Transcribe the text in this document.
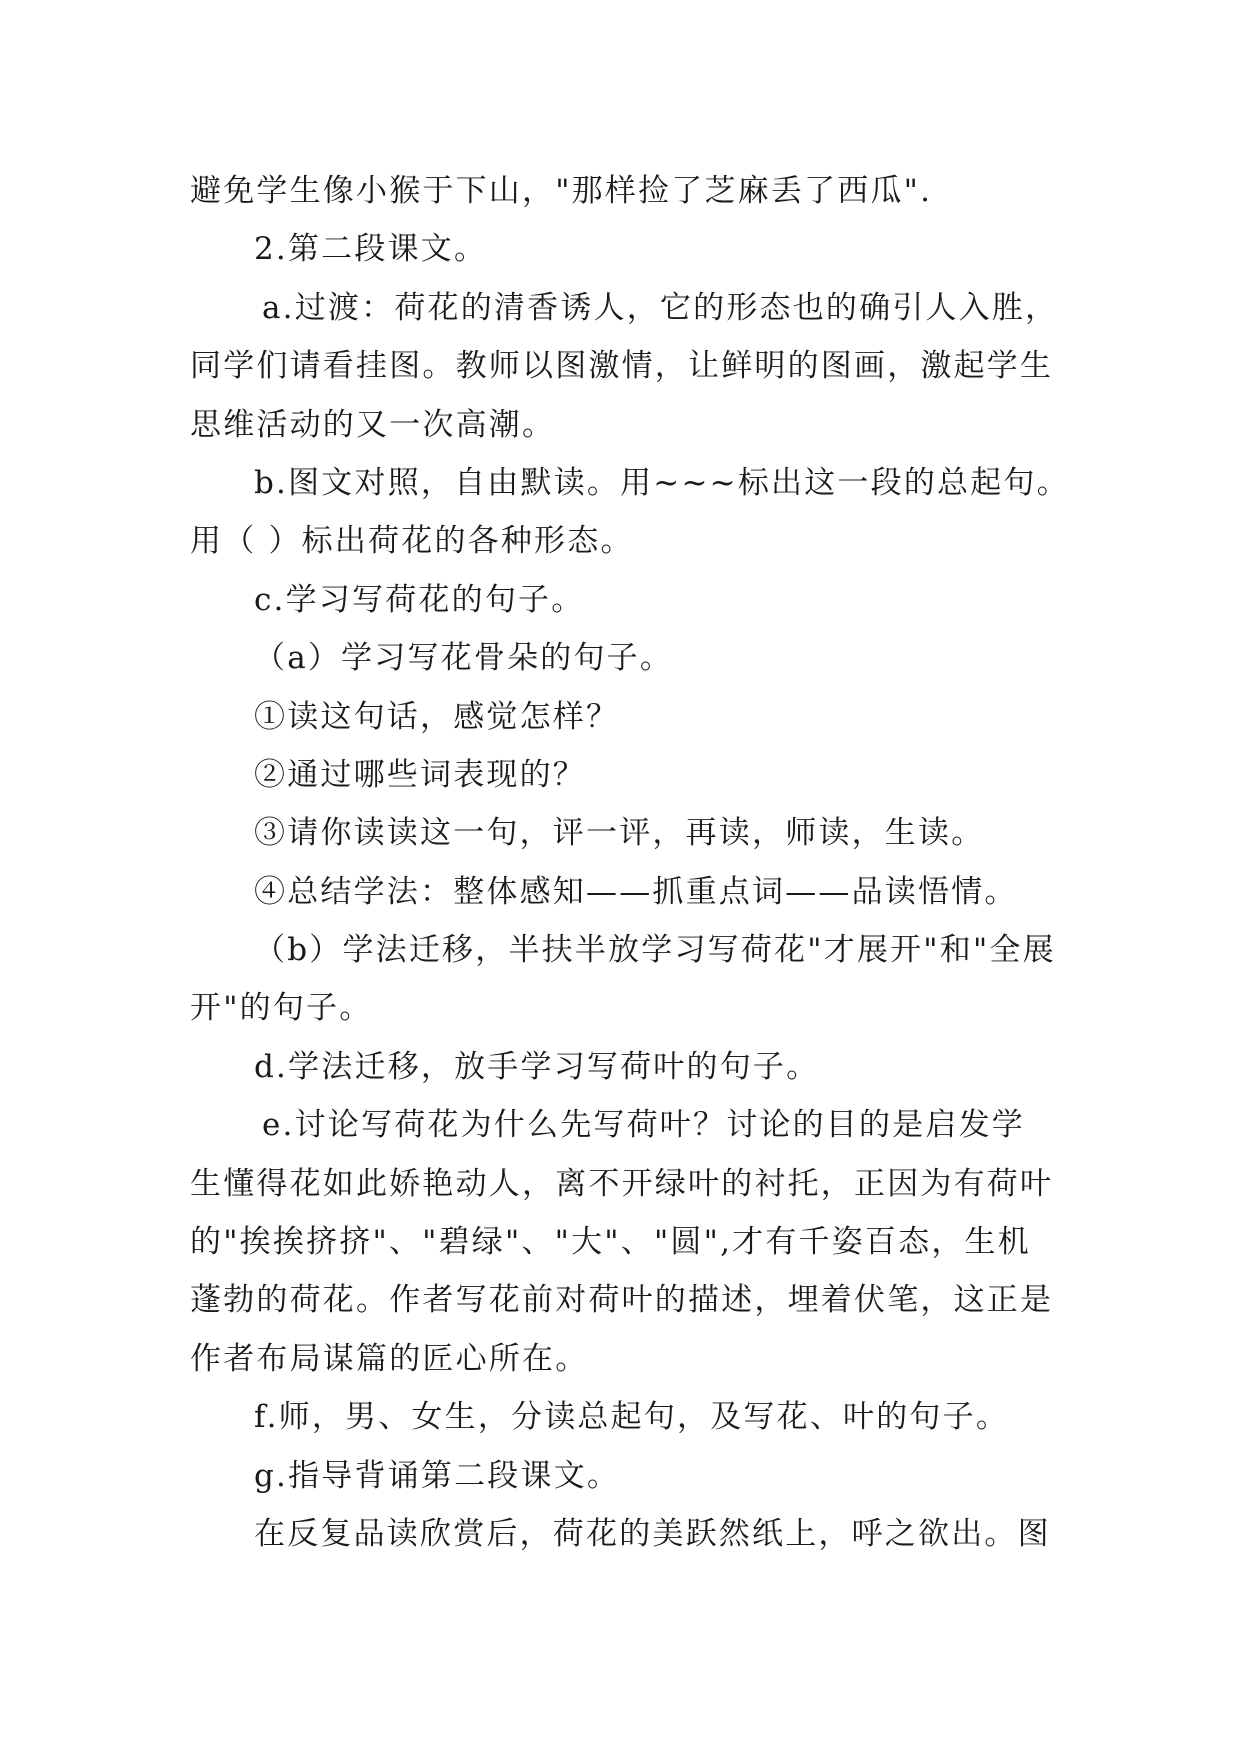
避免学生像小猴于下山，"那样捡了芝麻丢了西瓜".
2.第二段课文。
a.过渡：荷花的清香诱人，它的形态也的确引人入胜，
同学们请看挂图。教师以图激情，让鲜明的图画，激起学生
思维活动的又一次高潮。
b.图文对照，自由默读。用~~~标出这一段的总起句。
用（ ）标出荷花的各种形态。
c.学习写荷花的句子。
（a）学习写花骨朵的句子。
①读这句话，感觉怎样？
②通过哪些词表现的？
③请你读读这一句，评一评，再读，师读，生读。
④总结学法：整体感知——抓重点词——品读悟情。
（b）学法迁移，半扶半放学习写荷花"才展开"和"全展
开"的句子。
d.学法迁移，放手学习写荷叶的句子。
e.讨论写荷花为什么先写荷叶？讨论的目的是启发学
生懂得花如此娇艳动人，离不开绿叶的衬托，正因为有荷叶
的"挨挨挤挤"、"碧绿"、"大"、"圆",才有千姿百态，生机
蓬勃的荷花。作者写花前对荷叶的描述，埋着伏笔，这正是
作者布局谋篇的匠心所在。
f.师，男、女生，分读总起句，及写花、叶的句子。
g.指导背诵第二段课文。
在反复品读欣赏后，荷花的美跃然纸上，呼之欲出。图
